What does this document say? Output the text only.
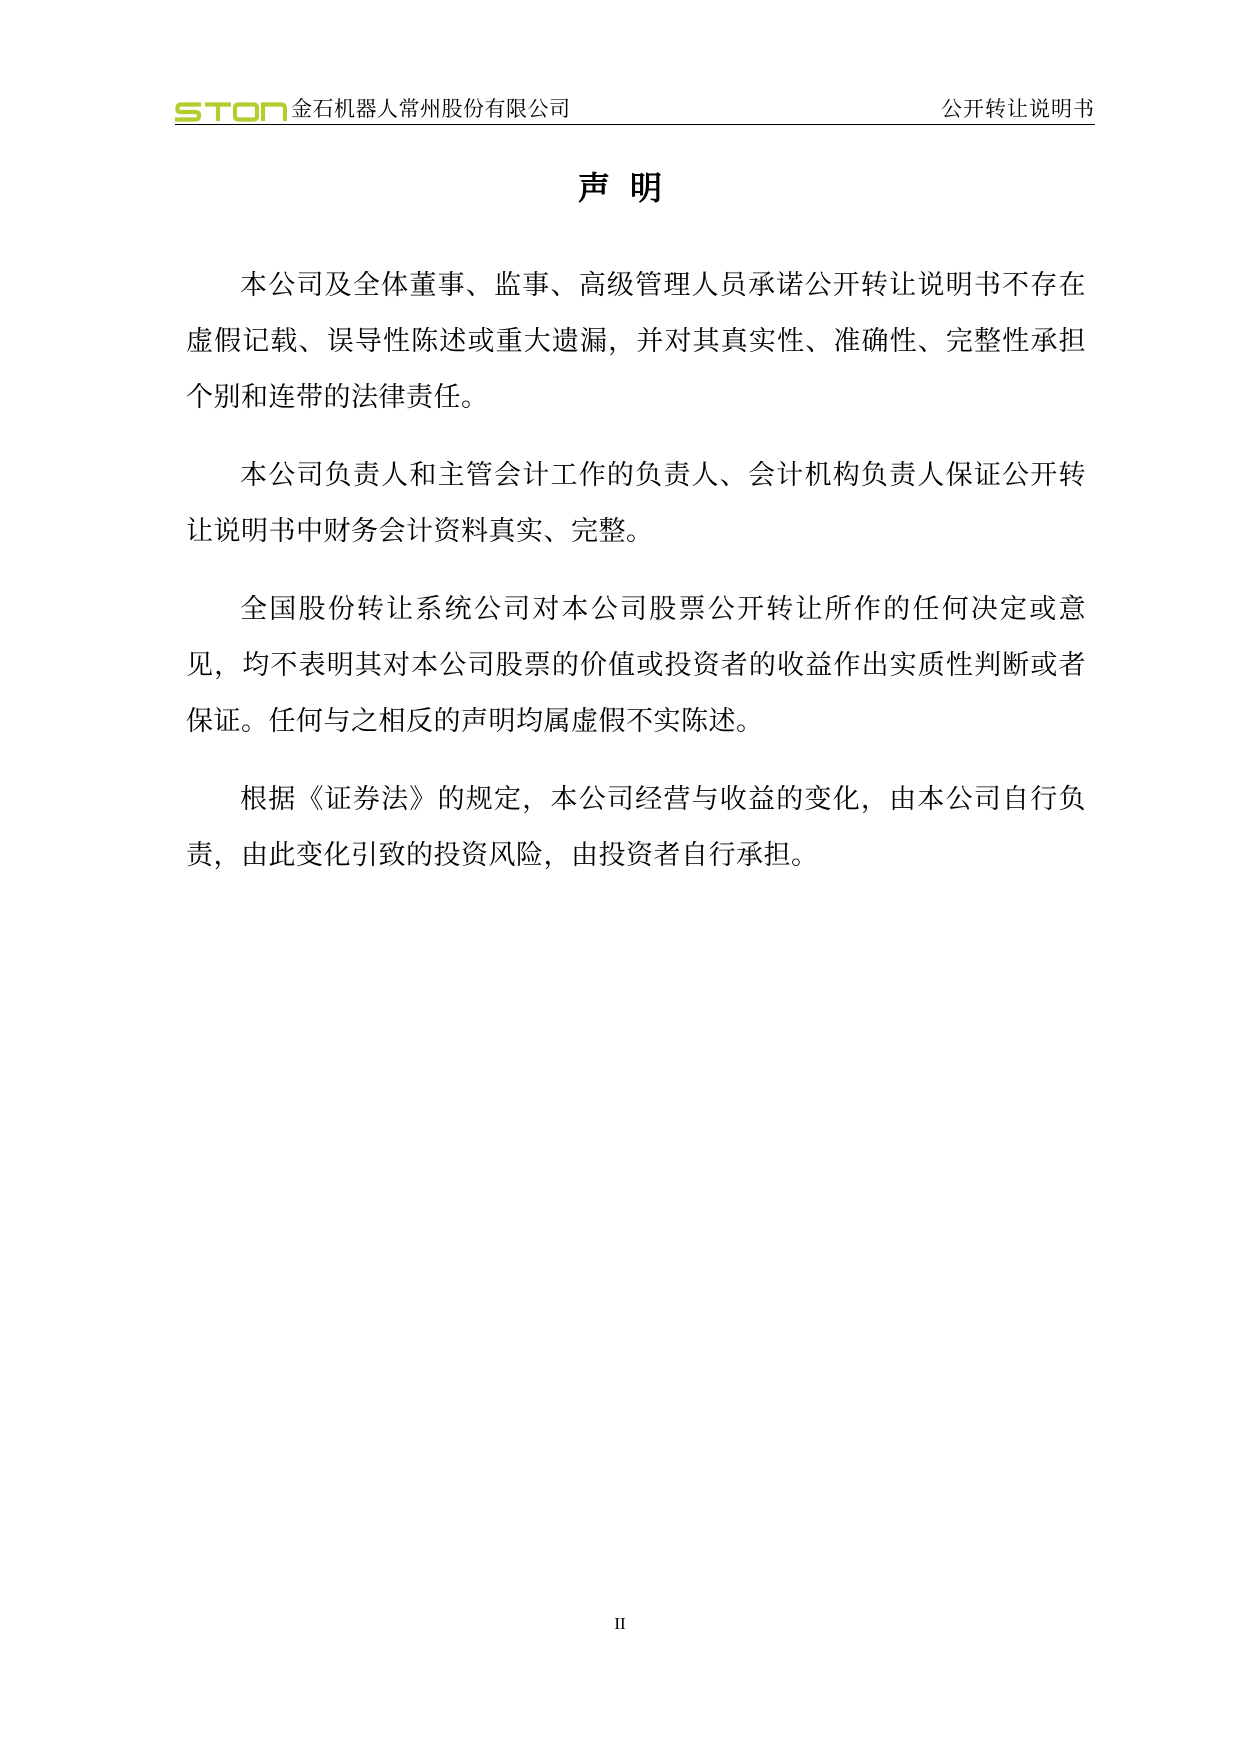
金石机器人常州股份有限公司	公开转让说明书
声明

本公司及全体董事、监事、高级管理人员承诺公开转让说明书不存在虚假记载、误导性陈述或重大遗漏，并对其真实性、准确性、完整性承担个别和连带的法律责任。

本公司负责人和主管会计工作的负责人、会计机构负责人保证公开转让说明书中财务会计资料真实、完整。

全国股份转让系统公司对本公司股票公开转让所作的任何决定或意见，均不表明其对本公司股票的价值或投资者的收益作出实质性判断或者保证。任何与之相反的声明均属虚假不实陈述。

根据《证券法》的规定，本公司经营与收益的变化，由本公司自行负责，由此变化引致的投资风险，由投资者自行承担。

II
